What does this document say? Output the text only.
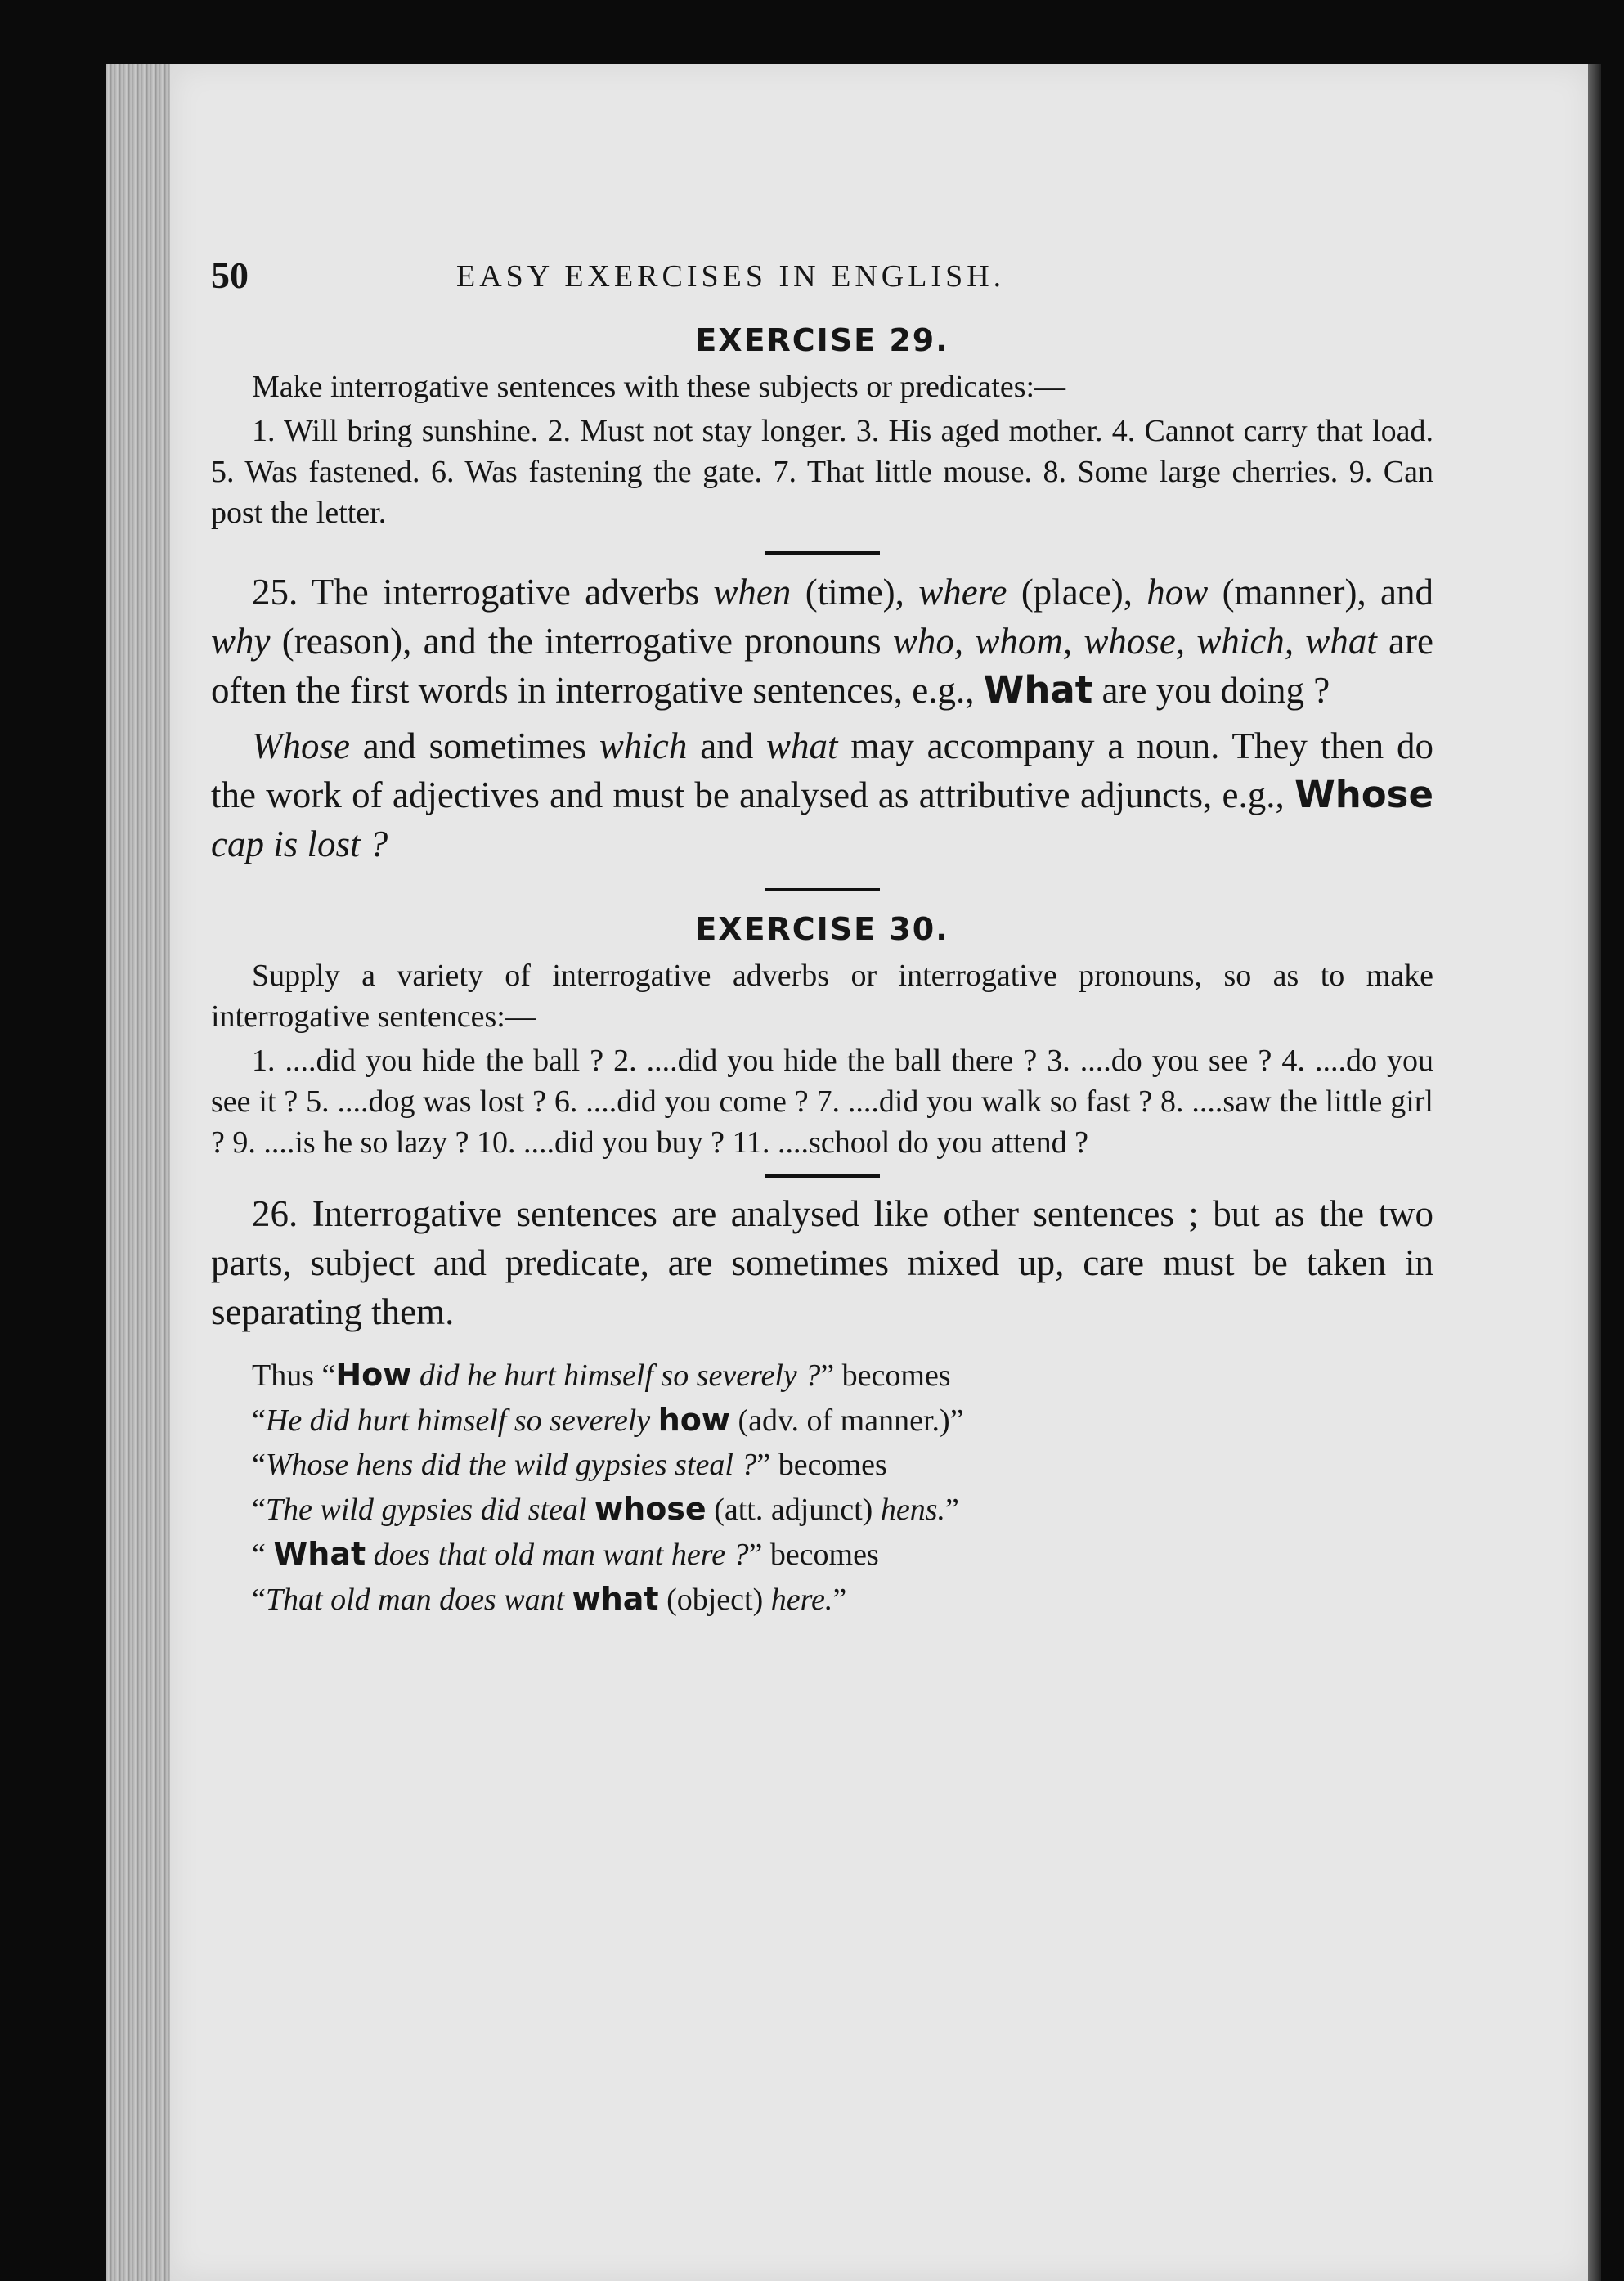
50	EASY EXERCISES IN ENGLISH.
EXERCISE 29.

Make interrogative sentences with these subjects or predicates:—

1. Will bring sunshine. 2. Must not stay longer. 3. His aged mother. 4. Cannot carry that load. 5. Was fastened. 6. Was fastening the gate. 7. That little mouse. 8. Some large cherries. 9. Can post the letter.

25. The interrogative adverbs when (time), where (place), how (manner), and why (reason), and the interrogative pronouns who, whom, whose, which, what are often the first words in interrogative sentences, e.g., What are you doing ?

Whose and sometimes which and what may accompany a noun. They then do the work of adjectives and must be analysed as attributive adjuncts, e.g., Whose cap is lost ?

EXERCISE 30.

Supply a variety of interrogative adverbs or interrogative pronouns, so as to make interrogative sentences:—

1. ....did you hide the ball ? 2. ....did you hide the ball there ? 3. ....do you see ? 4. ....do you see it ? 5. ....dog was lost ? 6. ....did you come ? 7. ....did you walk so fast ? 8. ....saw the little girl ? 9. ....is he so lazy ? 10. ....did you buy ? 11. ....school do you attend ?

26. Interrogative sentences are analysed like other sentences ; but as the two parts, subject and predicate, are sometimes mixed up, care must be taken in separating them.

Thus “How did he hurt himself so severely ?” becomes

“He did hurt himself so severely how (adv. of manner.)”

“Whose hens did the wild gypsies steal ?” becomes

“The wild gypsies did steal whose (att. adjunct) hens.”

“ What does that old man want here ?” becomes

“That old man does want what (object) here.”
